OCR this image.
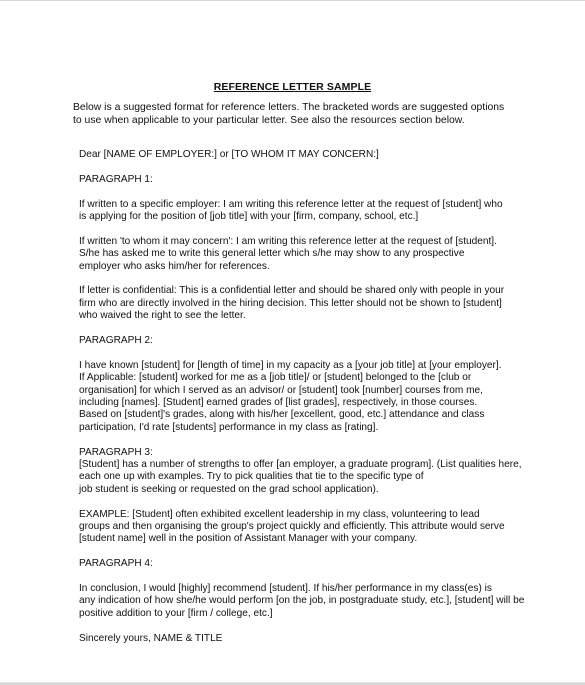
REFERENCE LETTER SAMPLE
Below is a suggested format for reference letters. The bracketed words are suggested options
to use when applicable to your particular letter. See also the resources section below.

Dear [NAME OF EMPLOYER:] or [TO WHOM IT MAY CONCERN:]

PARAGRAPH 1:

If written to a specific employer: I am writing this reference letter at the request of [student] who
is applying for the position of [job title] with your [firm, company, school, etc.]

If written 'to whom it may concern': I am writing this reference letter at the request of [student].
S/he has asked me to write this general letter which s/he may show to any prospective
employer who asks him/her for references.

If letter is confidential: This is a confidential letter and should be shared only with people in your
firm who are directly involved in the hiring decision. This letter should not be shown to [student]
who waived the right to see the letter.

PARAGRAPH 2:

I have known [student] for [length of time] in my capacity as a [your job title] at [your employer].
If Applicable: [student] worked for me as a [job title]/ or [student] belonged to the [club or
organisation] for which I served as an advisor/ or [student] took [number] courses from me,
including [names]. [Student] earned grades of [list grades], respectively, in those courses.
Based on [student]'s grades, along with his/her [excellent, good, etc.] attendance and class
participation, I'd rate [students] performance in my class as [rating].

PARAGRAPH 3:
[Student] has a number of strengths to offer [an employer, a graduate program]. (List qualities here,
each one up with examples. Try to pick qualities that tie to the specific type of
job student is seeking or requested on the grad school application).

EXAMPLE: [Student] often exhibited excellent leadership in my class, volunteering to lead
groups and then organising the group's project quickly and efficiently. This attribute would serve
[student name] well in the position of Assistant Manager with your company.

PARAGRAPH 4:

In conclusion, I would [highly] recommend [student]. If his/her performance in my class(es) is
any indication of how she/he would perform [on the job, in postgraduate study, etc.], [student] will be
positive addition to your [firm / college, etc.]

Sincerely yours, NAME & TITLE
